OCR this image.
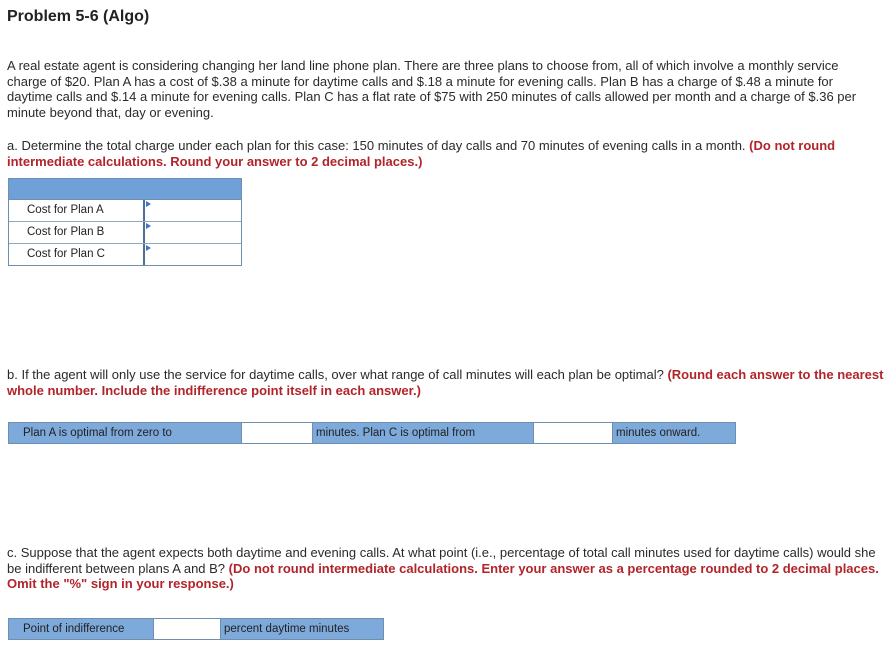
Problem 5-6 (Algo)
A real estate agent is considering changing her land line phone plan. There are three plans to choose from, all of which involve a monthly service charge of $20. Plan A has a cost of $.38 a minute for daytime calls and $.18 a minute for evening calls. Plan B has a charge of $.48 a minute for daytime calls and $.14 a minute for evening calls. Plan C has a flat rate of $75 with 250 minutes of calls allowed per month and a charge of $.36 per minute beyond that, day or evening.
a. Determine the total charge under each plan for this case: 150 minutes of day calls and 70 minutes of evening calls in a month. (Do not round intermediate calculations. Round your answer to 2 decimal places.)
Cost for Plan A
Cost for Plan B
Cost for Plan C
b. If the agent will only use the service for daytime calls, over what range of call minutes will each plan be optimal? (Round each answer to the nearest whole number. Include the indifference point itself in each answer.)
Plan A is optimal from zero to	minutes. Plan C is optimal from	minutes onward.
c. Suppose that the agent expects both daytime and evening calls. At what point (i.e., percentage of total call minutes used for daytime calls) would she be indifferent between plans A and B? (Do not round intermediate calculations. Enter your answer as a percentage rounded to 2 decimal places. Omit the "%" sign in your response.)
Point of indifference	percent daytime minutes
